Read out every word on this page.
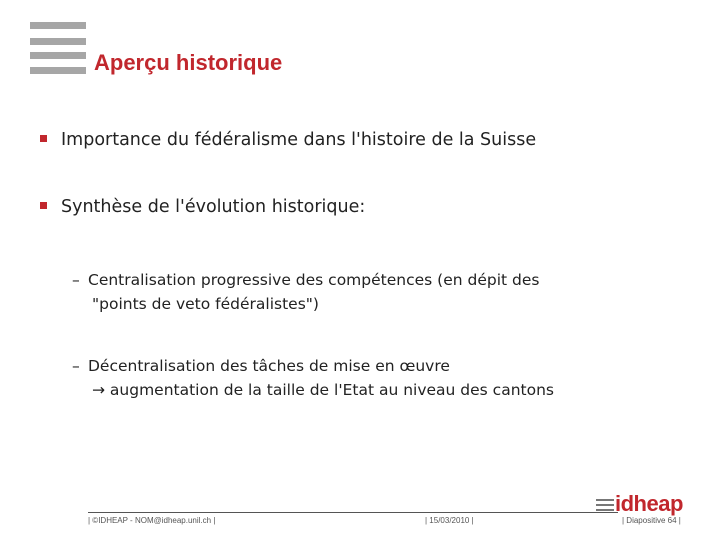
Aperçu historique
Importance du fédéralisme dans l'histoire de la Suisse
Synthèse de l'évolution historique:
– Centralisation progressive des compétences (en dépit des
"points de veto fédéralistes")
– Décentralisation des tâches de mise en œuvre
→ augmentation de la taille de l'Etat au niveau des cantons
idheap
| ©IDHEAP - NOM@idheap.unil.ch |	| 15/03/2010 |	| Diapositive 64 |
